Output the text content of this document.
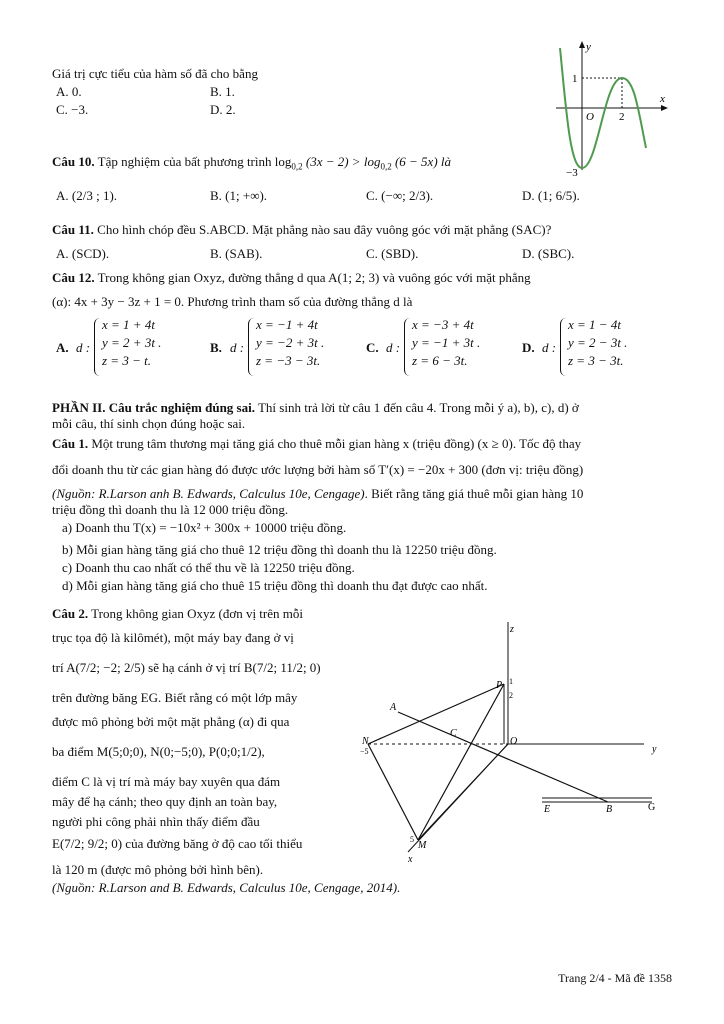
Giá trị cực tiểu của hàm số đã cho bằng
A. 0.	B. 1.
C. −3.	D. 2.
y
x
O
1
2
−3
Câu 10. Tập nghiệm của bất phương trình $\log_{0,2} (3x - 2) > \log_{0,2} (6 - 5x)$ là
A. (2/3 ; 1).	B. (1; +∞).	C. (−∞; 2/3).	D. (1; 6/5).
Câu 11. Cho hình chóp đều S.ABCD. Mặt phẳng nào sau đây vuông góc với mặt phẳng (SAC)?
A. (SCD).	B. (SAB).	C. (SBD).	D. (SBC).
Câu 12. Trong không gian Oxyz, đường thẳng d qua A(1; 2; 3) và vuông góc với mặt phẳng
(α): 4x + 3y − 3z + 1 = 0. Phương trình tham số của đường thẳng d là
A. d :
x = 1 + 4t
y = 2 + 3t .
z = 3 − t.
B. d :
x = −1 + 4t
y = −2 + 3t .
z = −3 − 3t.
C. d :
x = −3 + 4t
y = −1 + 3t .
z = 6 − 3t.
D. d :
x = 1 − 4t
y = 2 − 3t .
z = 3 − 3t.
PHẦN II. Câu trắc nghiệm đúng sai. Thí sinh trả lời từ câu 1 đến câu 4. Trong mỗi ý a), b), c), d) ở
mỗi câu, thí sinh chọn đúng hoặc sai.
Câu 1. Một trung tâm thương mại tăng giá cho thuê mỗi gian hàng x (triệu đồng) (x ≥ 0). Tốc độ thay
đổi doanh thu từ các gian hàng đó được ước lượng bởi hàm số T′(x) = −20x + 300 (đơn vị: triệu đồng)
(Nguồn: R.Larson anh B. Edwards, Calculus 10e, Cengage). Biết rằng tăng giá thuê mỗi gian hàng 10
triệu đồng thì doanh thu là 12 000 triệu đồng.
a) Doanh thu T(x) = −10x² + 300x + 10000 triệu đồng.
b) Mỗi gian hàng tăng giá cho thuê 12 triệu đồng thì doanh thu là 12250 triệu đồng.
c) Doanh thu cao nhất có thể thu về là 12250 triệu đồng.
d) Mỗi gian hàng tăng giá cho thuê 15 triệu đồng thì doanh thu đạt được cao nhất.
Câu 2. Trong không gian Oxyz (đơn vị trên mỗi
trục tọa độ là kilômét), một máy bay đang ở vị
trí A(7/2; −2; 2/5) sẽ hạ cánh ở vị trí B(7/2; 11/2; 0)
trên đường băng EG. Biết rằng có một lớp mây
được mô phỏng bởi một mặt phẳng (α) đi qua
ba điểm M(5;0;0), N(0;−5;0), P(0;0;1/2),
điểm C là vị trí mà máy bay xuyên qua đám
mây để hạ cánh; theo quy định an toàn bay,
người phi công phải nhìn thấy điểm đầu
E(7/2; 9/2; 0) của đường băng ở độ cao tối thiểu
là 120 m (được mô phỏng bởi hình bên).
(Nguồn: R.Larson and B. Edwards, Calculus 10e, Cengage, 2014).
z
y
x
P 1
2
A
C
N
−5
O
E	B	G
M
5
Trang 2/4 - Mã đề 1358
